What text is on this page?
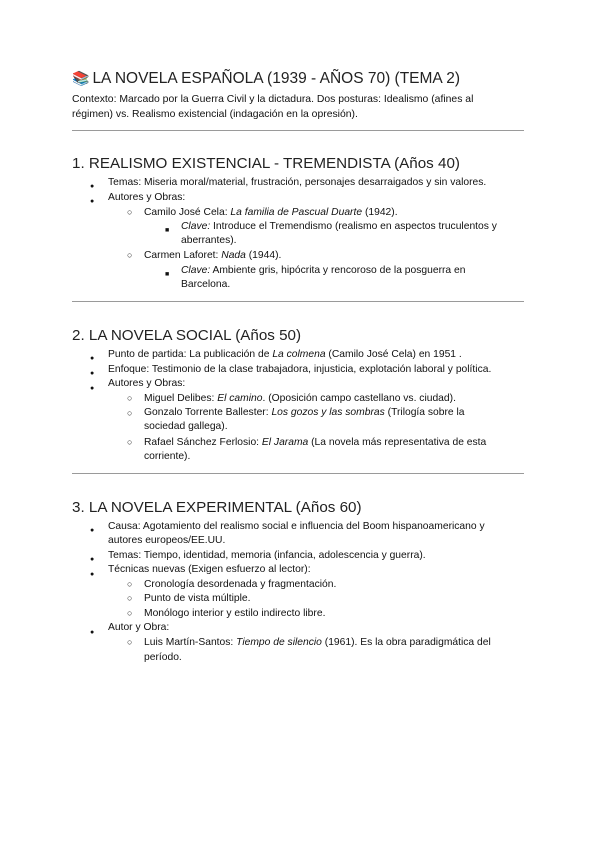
📚 LA NOVELA ESPAÑOLA (1939 - AÑOS 70) (TEMA 2)
Contexto: Marcado por la Guerra Civil y la dictadura. Dos posturas: Idealismo (afines al
régimen) vs. Realismo existencial (indagación en la opresión).
1. REALISMO EXISTENCIAL - TREMENDISTA (Años 40)
●
Temas: Miseria moral/material, frustración, personajes desarraigados y sin valores.
●
Autores y Obras:
○
Camilo José Cela: La familia de Pascual Duarte (1942).
■
Clave: Introduce el Tremendismo (realismo en aspectos truculentos y
aberrantes).
○
Carmen Laforet: Nada (1944).
■
Clave: Ambiente gris, hipócrita y rencoroso de la posguerra en
Barcelona.
2. LA NOVELA SOCIAL (Años 50)
●
Punto de partida: La publicación de La colmena (Camilo José Cela) en 1951 .
●
Enfoque: Testimonio de la clase trabajadora, injusticia, explotación laboral y política.
●
Autores y Obras:
○
Miguel Delibes: El camino. (Oposición campo castellano vs. ciudad).
○
Gonzalo Torrente Ballester: Los gozos y las sombras (Trilogía sobre la
sociedad gallega).
○
Rafael Sánchez Ferlosio: El Jarama (La novela más representativa de esta
corriente).
3. LA NOVELA EXPERIMENTAL (Años 60)
●
Causa: Agotamiento del realismo social e influencia del Boom hispanoamericano y
autores europeos/EE.UU.
●
Temas: Tiempo, identidad, memoria (infancia, adolescencia y guerra).
●
Técnicas nuevas (Exigen esfuerzo al lector):
○
Cronología desordenada y fragmentación.
○
Punto de vista múltiple.
○
Monólogo interior y estilo indirecto libre.
●
Autor y Obra:
○
Luis Martín-Santos: Tiempo de silencio (1961). Es la obra paradigmática del
período.
